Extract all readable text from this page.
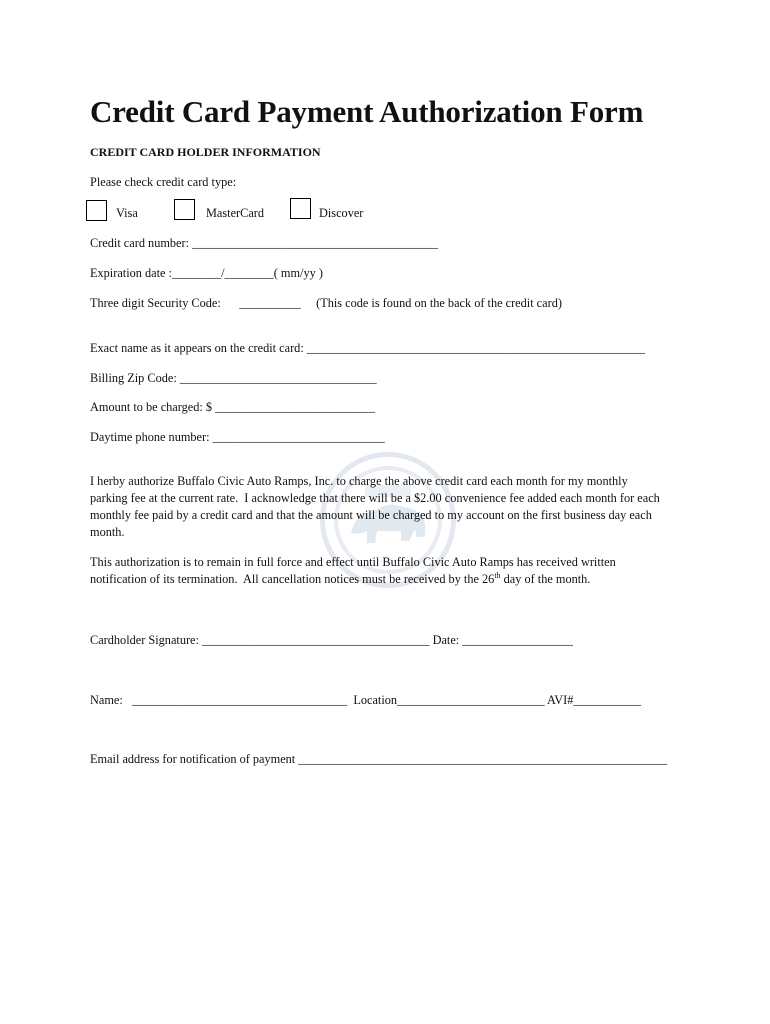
Credit Card Payment Authorization Form
CREDIT CARD HOLDER INFORMATION
Please check credit card type:
Visa	MasterCard	Discover
Credit card number: ________________________________________
Expiration date :________/________( mm/yy )
Three digit Security Code:      __________     (This code is found on the back of the credit card)
Exact name as it appears on the credit card: _______________________________________________________
Billing Zip Code: ________________________________
Amount to be charged: $ __________________________
Daytime phone number: ____________________________
I herby authorize Buffalo Civic Auto Ramps, Inc. to charge the above credit card each month for my monthly
parking fee at the current rate.  I acknowledge that there will be a $2.00 convenience fee added each month for each
monthly fee paid by a credit card and that the amount will be charged to my account on the first business day each
month.
This authorization is to remain in full force and effect until Buffalo Civic Auto Ramps has received written
notification of its termination.  All cancellation notices must be received by the 26th day of the month.
Cardholder Signature: _____________________________________ Date: __________________
Name:   ___________________________________  Location________________________ AVI#___________
Email address for notification of payment ____________________________________________________________
